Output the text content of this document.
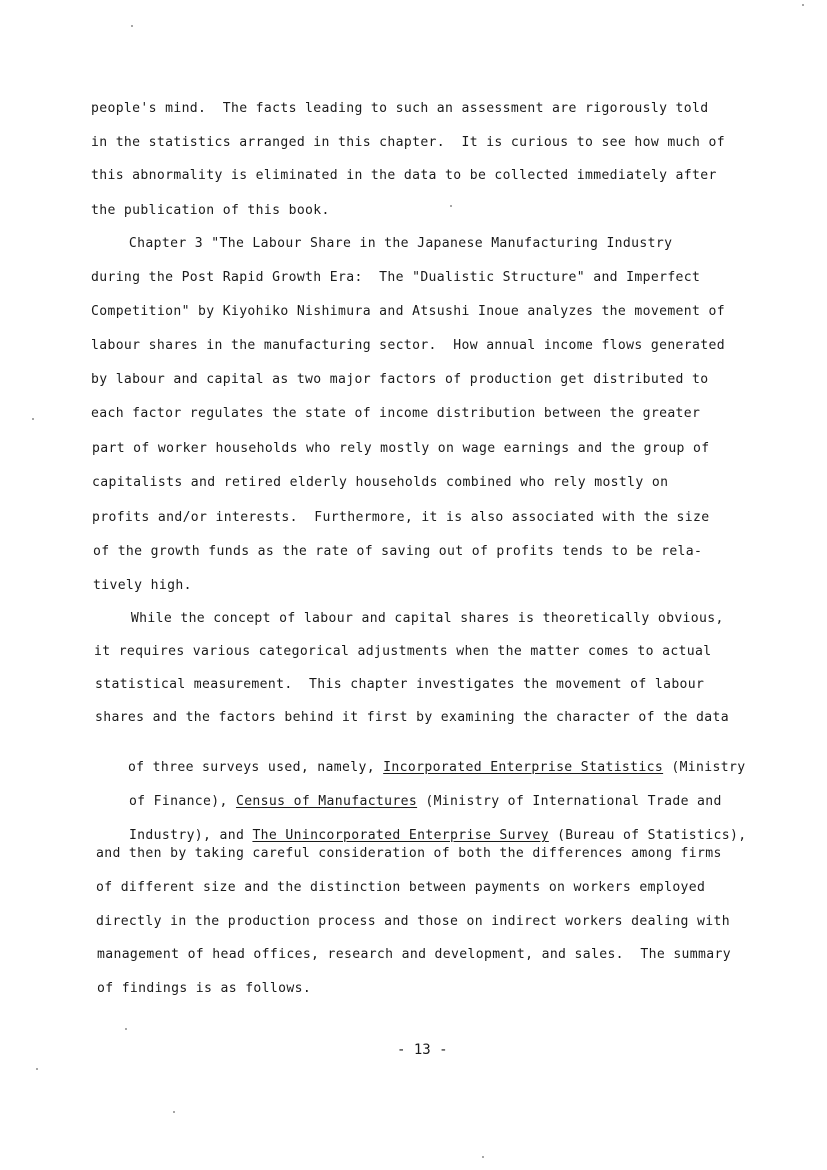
people's mind.  The facts leading to such an assessment are rigorously told
in the statistics arranged in this chapter.  It is curious to see how much of
this abnormality is eliminated in the data to be collected immediately after
the publication of this book.
Chapter 3 "The Labour Share in the Japanese Manufacturing Industry
during the Post Rapid Growth Era:  The "Dualistic Structure" and Imperfect
Competition" by Kiyohiko Nishimura and Atsushi Inoue analyzes the movement of
labour shares in the manufacturing sector.  How annual income flows generated
by labour and capital as two major factors of production get distributed to
each factor regulates the state of income distribution between the greater
part of worker households who rely mostly on wage earnings and the group of
capitalists and retired elderly households combined who rely mostly on
profits and/or interests.  Furthermore, it is also associated with the size
of the growth funds as the rate of saving out of profits tends to be rela-
tively high.
While the concept of labour and capital shares is theoretically obvious,
it requires various categorical adjustments when the matter comes to actual
statistical measurement.  This chapter investigates the movement of labour
shares and the factors behind it first by examining the character of the data

of three surveys used, namely, Incorporated Enterprise Statistics (Ministry

of Finance), Census of Manufactures (Ministry of International Trade and

Industry), and The Unincorporated Enterprise Survey (Bureau of Statistics),

and then by taking careful consideration of both the differences among firms
of different size and the distinction between payments on workers employed
directly in the production process and those on indirect workers dealing with
management of head offices, research and development, and sales.  The summary
of findings is as follows.
- 13 -
